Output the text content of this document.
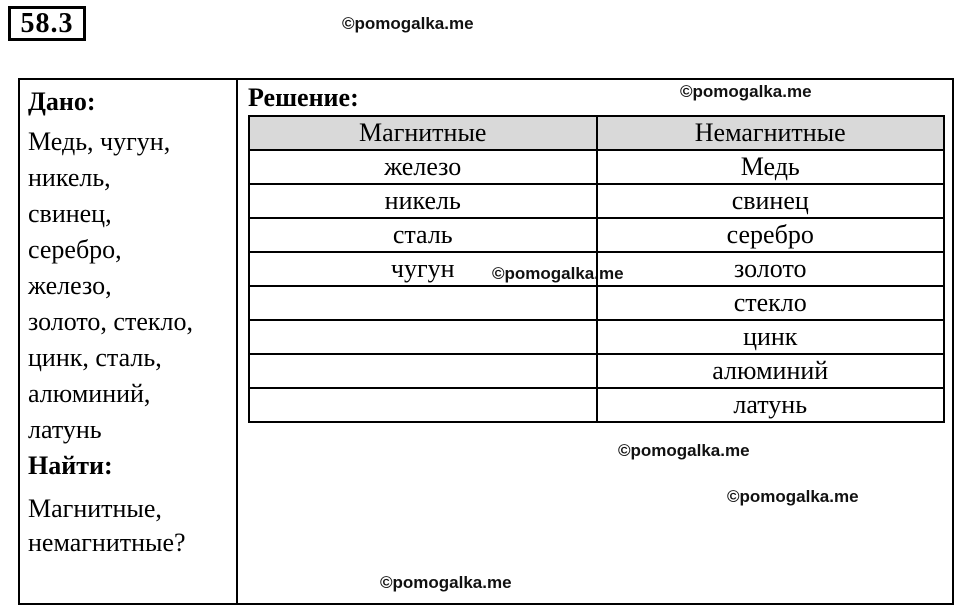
58.3	©pomogalka.me
©pomogalka.me
©pomogalka.me
©pomogalka.me
©pomogalka.me
©pomogalka.me
Дано:
Медь, чугун,
никель,
свинец,
серебро,
железо,
золото, стекло,
цинк, сталь,
алюминий,
латунь
Найти:
Магнитные,
немагнитные?
Решение:
Магнитные	Немагнитные
железо	Медь
никель	свинец
сталь	серебро
чугун	золото
	стекло
	цинк
	алюминий
	латунь
